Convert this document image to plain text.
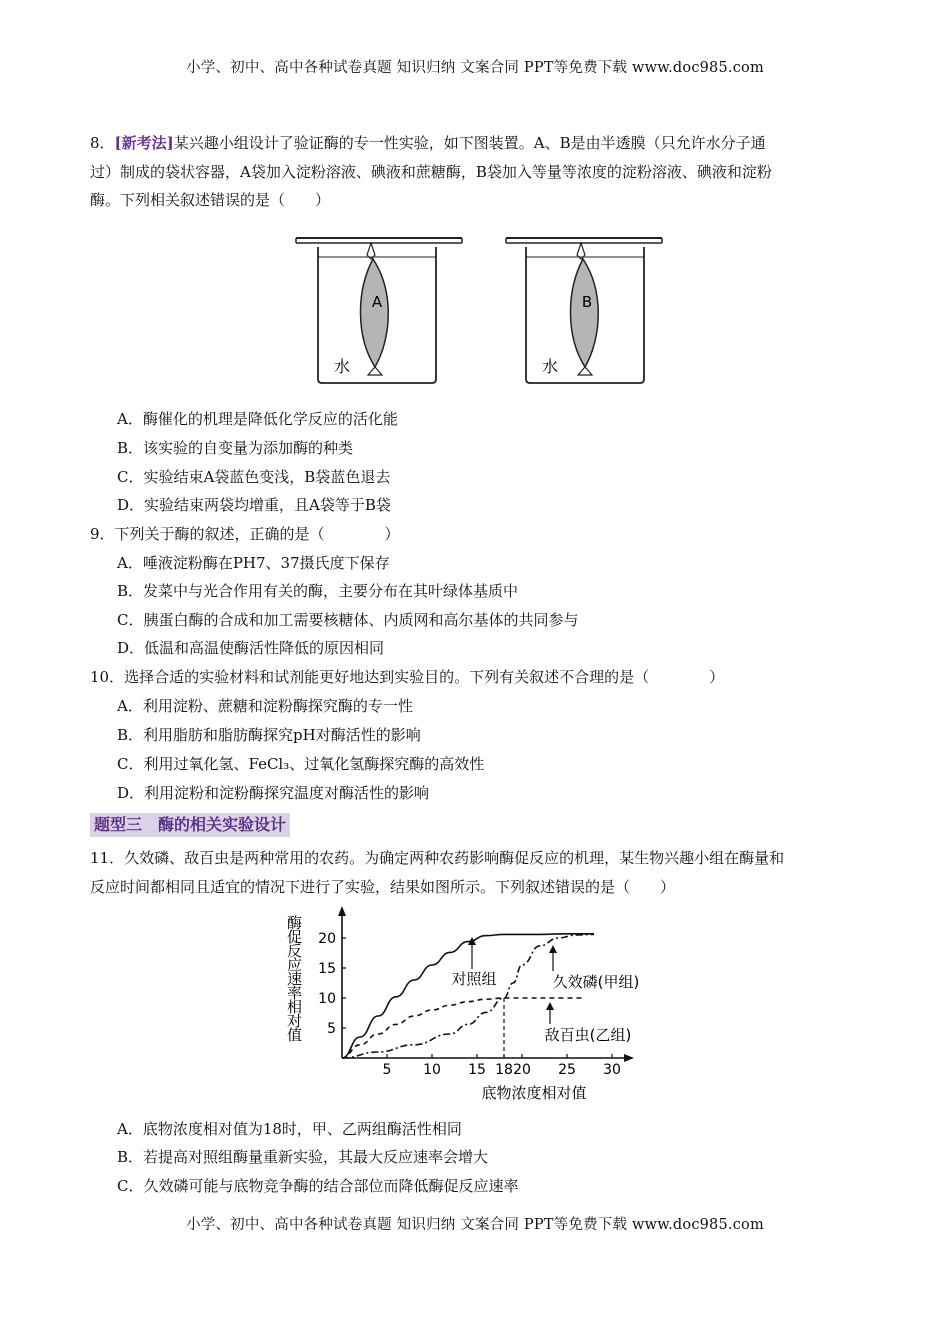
小学、初中、高中各种试卷真题 知识归纳 文案合同 PPT等免费下载 www.doc985.com
8．[新考法]某兴趣小组设计了验证酶的专一性实验，如下图装置。A、B是由半透膜（只允许水分子通
过）制成的袋状容器，A袋加入淀粉溶液、碘液和蔗糖酶，B袋加入等量等浓度的淀粉溶液、碘液和淀粉
酶。下列相关叙述错误的是（　　）
A
水
B
水
A．酶催化的机理是降低化学反应的活化能
B．该实验的自变量为添加酶的种类
C．实验结束A袋蓝色变浅，B袋蓝色退去
D．实验结束两袋均增重，且A袋等于B袋
9．下列关于酶的叙述，正确的是（　　　　）
A．唾液淀粉酶在PH7、37摄氏度下保存
B．发菜中与光合作用有关的酶，主要分布在其叶绿体基质中
C．胰蛋白酶的合成和加工需要核糖体、内质网和高尔基体的共同参与
D．低温和高温使酶活性降低的原因相同
10．选择合适的实验材料和试剂能更好地达到实验目的。下列有关叙述不合理的是（　　　　）
A．利用淀粉、蔗糖和淀粉酶探究酶的专一性
B．利用脂肪和脂肪酶探究pH对酶活性的影响
C．利用过氧化氢、FeCl₃、过氧化氢酶探究酶的高效性
D．利用淀粉和淀粉酶探究温度对酶活性的影响
题型三　酶的相关实验设计
11．久效磷、敌百虫是两种常用的农药。为确定两种农药影响酶促反应的机理，某生物兴趣小组在酶量和
反应时间都相同且适宜的情况下进行了实验，结果如图所示。下列叙述错误的是（　　）
酶促反应速率相对值
5 10 15 18 20 25 30
5
10
15
20
对照组	久效磷(甲组)
敌百虫(乙组)
底物浓度相对值
A．底物浓度相对值为18时，甲、乙两组酶活性相同
B．若提高对照组酶量重新实验，其最大反应速率会增大
C．久效磷可能与底物竞争酶的结合部位而降低酶促反应速率
小学、初中、高中各种试卷真题 知识归纳 文案合同 PPT等免费下载 www.doc985.com
